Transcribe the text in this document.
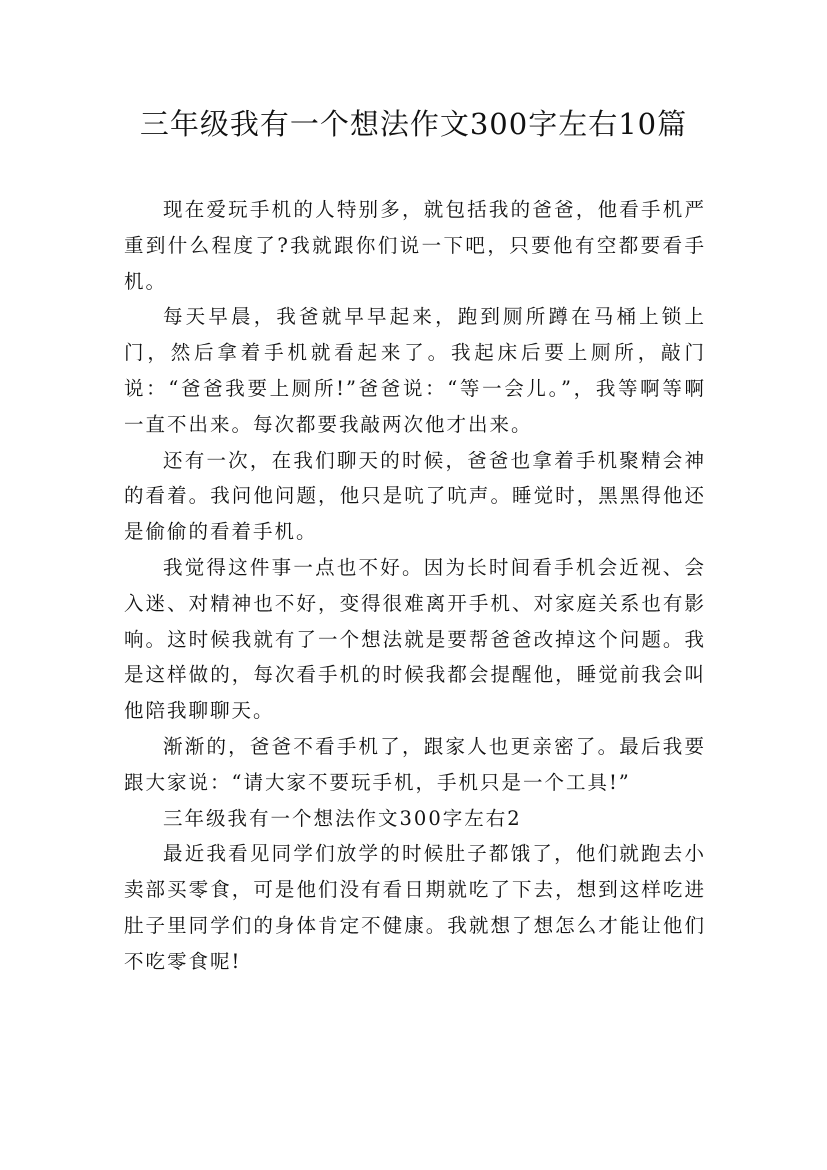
三年级我有一个想法作文300字左右10篇

现在爱玩手机的人特别多，就包括我的爸爸，他看手机严重到什么程度了?我就跟你们说一下吧，只要他有空都要看手机。

每天早晨，我爸就早早起来，跑到厕所蹲在马桶上锁上门，然后拿着手机就看起来了。我起床后要上厕所，敲门说：“爸爸我要上厕所!”爸爸说：“等一会儿。”，我等啊等啊一直不出来。每次都要我敲两次他才出来。

还有一次，在我们聊天的时候，爸爸也拿着手机聚精会神的看着。我问他问题，他只是吭了吭声。睡觉时，黑黑得他还是偷偷的看着手机。

我觉得这件事一点也不好。因为长时间看手机会近视、会入迷、对精神也不好，变得很难离开手机、对家庭关系也有影响。这时候我就有了一个想法就是要帮爸爸改掉这个问题。我是这样做的，每次看手机的时候我都会提醒他，睡觉前我会叫他陪我聊聊天。

渐渐的，爸爸不看手机了，跟家人也更亲密了。最后我要跟大家说：“请大家不要玩手机，手机只是一个工具!”

三年级我有一个想法作文300字左右2

最近我看见同学们放学的时候肚子都饿了，他们就跑去小卖部买零食，可是他们没有看日期就吃了下去，想到这样吃进肚子里同学们的身体肯定不健康。我就想了想怎么才能让他们不吃零食呢!
